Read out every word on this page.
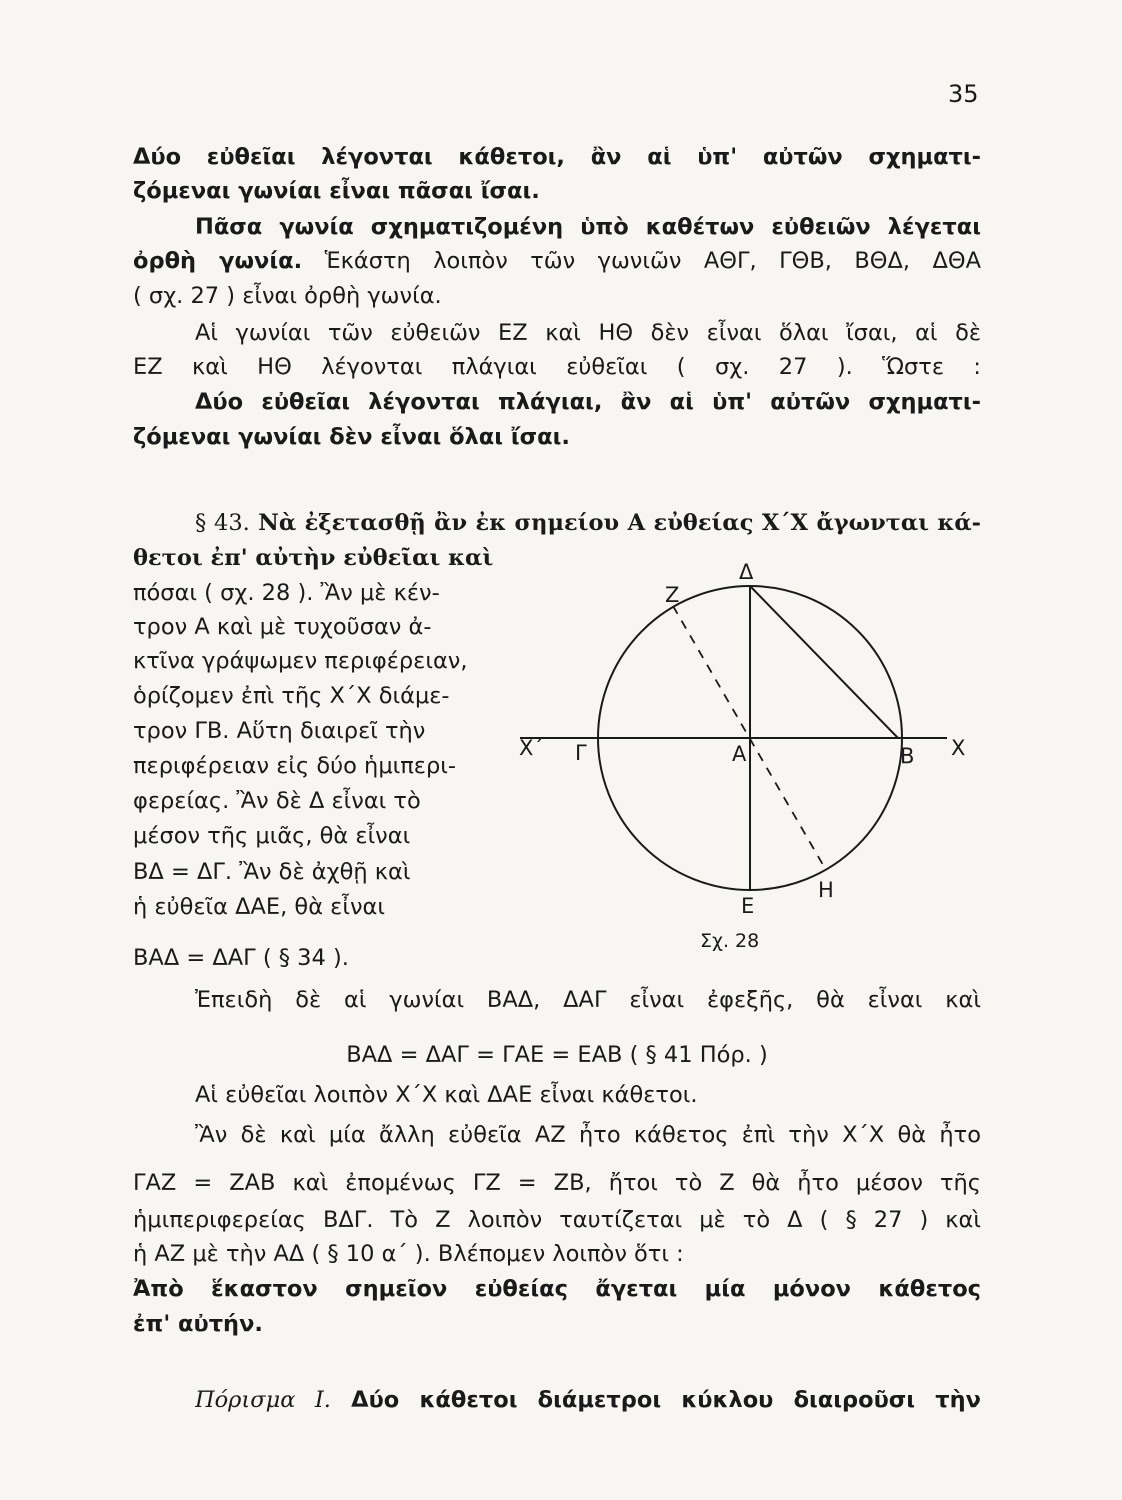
35
Δύο εὐθεῖαι λέγονται κάθετοι, ἂν αἱ ὑπ' αὐτῶν σχηματι-
ζόμεναι γωνίαι εἶναι πᾶσαι ἴσαι.
Πᾶσα γωνία σχηματιζομένη ὑπὸ καθέτων εὐθειῶν λέγεται
ὀρθὴ γωνία. Ἑκάστη λοιπὸν τῶν γωνιῶν ΑΘΓ, ΓΘΒ, ΒΘΔ, ΔΘΑ
( σχ. 27 ) εἶναι ὀρθὴ γωνία.
Αἱ γωνίαι τῶν εὐθειῶν ΕΖ καὶ ΗΘ δὲν εἶναι ὅλαι ἴσαι, αἱ δὲ
ΕΖ καὶ ΗΘ λέγονται πλάγιαι εὐθεῖαι ( σχ. 27 ). Ὥστε :
Δύο εὐθεῖαι λέγονται πλάγιαι, ἂν αἱ ὑπ' αὐτῶν σχηματι-
ζόμεναι γωνίαι δὲν εἶναι ὅλαι ἴσαι.
§ 43. Νὰ ἐξετασθῇ ἂν ἐκ σημείου Α εὐθείας Χ΄Χ ἄγωνται κά-
θετοι ἐπ' αὐτὴν εὐθεῖαι καὶ
πόσαι ( σχ. 28 ). Ἂν μὲ κέν-
τρον Α καὶ μὲ τυχοῦσαν ἀ-
κτῖνα γράψωμεν περιφέρειαν,
ὁρίζομεν ἐπὶ τῆς Χ΄Χ διάμε-
τρον ΓΒ. Αὕτη διαιρεῖ τὴν
περιφέρειαν εἰς δύο ἡμιπερι-
φερείας. Ἂν δὲ Δ εἶναι τὸ
μέσον τῆς μιᾶς, θὰ εἶναι
ΒΔ = ΔΓ. Ἂν δὲ ἀχθῇ καὶ
ἡ εὐθεῖα ΔΑΕ, θὰ εἶναι
ΒΑΔ = ΔΑΓ ( § 34 ).
Ἐπειδὴ δὲ αἱ γωνίαι ΒΑΔ, ΔΑΓ εἶναι ἐφεξῆς, θὰ εἶναι καὶ
ΒΑΔ = ΔΑΓ = ΓΑΕ = ΕΑΒ ( § 41 Πόρ. )
Αἱ εὐθεῖαι λοιπὸν Χ΄Χ καὶ ΔΑΕ εἶναι κάθετοι.
Ἂν δὲ καὶ μία ἄλλη εὐθεῖα ΑΖ ἦτο κάθετος ἐπὶ τὴν Χ΄Χ θὰ ἦτο
ΓΑΖ = ΖΑΒ καὶ ἐπομένως ΓΖ = ΖΒ, ἤτοι τὸ Ζ θὰ ἦτο μέσον τῆς
ἡμιπεριφερείας ΒΔΓ. Τὸ Ζ λοιπὸν ταυτίζεται μὲ τὸ Δ ( § 27 ) καὶ
ἡ ΑΖ μὲ τὴν ΑΔ ( § 10 α΄ ). Βλέπομεν λοιπὸν ὅτι :
Ἀπὸ ἕκαστον σημεῖον εὐθείας ἄγεται μία μόνον κάθετος
ἐπ' αὐτήν.
Πόρισμα Ι. Δύο κάθετοι διάμετροι κύκλου διαιροῦσι τὴν
Ζ
Δ
Χ΄ Γ	Α	Β Χ
Ε
Η
Σχ. 28
